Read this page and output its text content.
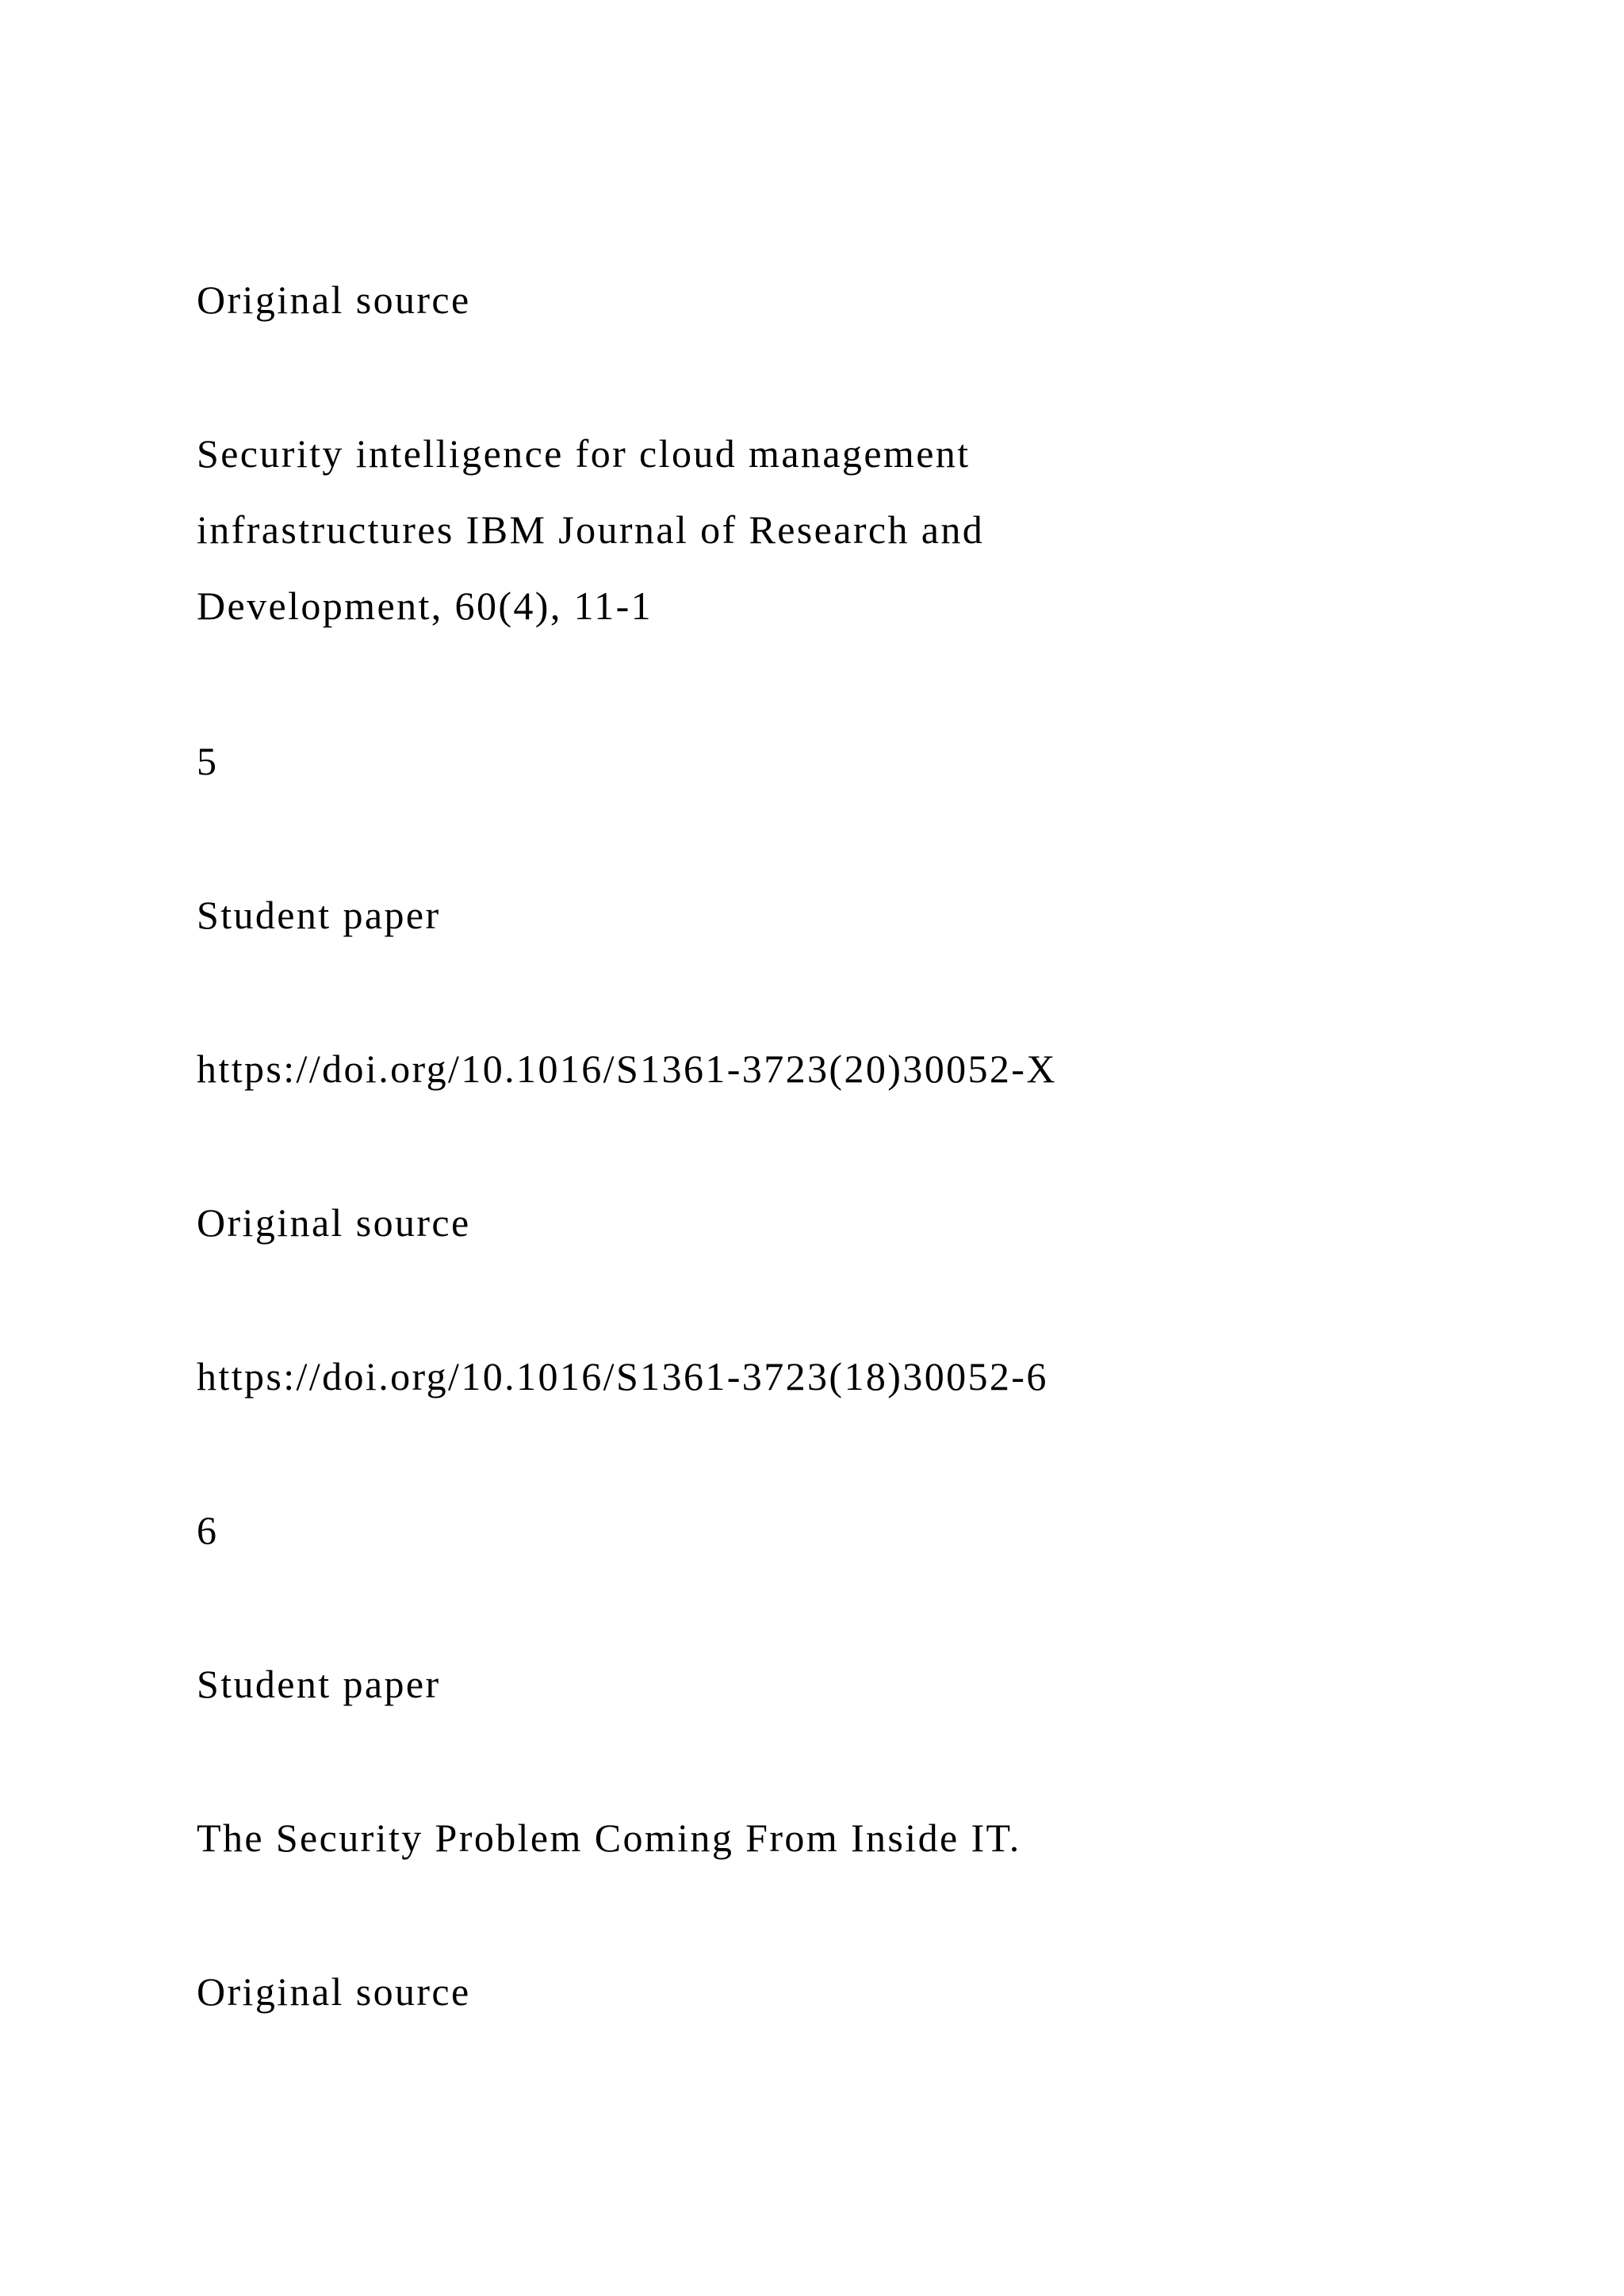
Original source

Security intelligence for cloud management
infrastructures IBM Journal of Research and
Development, 60(4), 11-1

5

Student paper

https://doi.org/10.1016/S1361-3723(20)30052-X

Original source

https://doi.org/10.1016/S1361-3723(18)30052-6

6

Student paper

The Security Problem Coming From Inside IT.

Original source
